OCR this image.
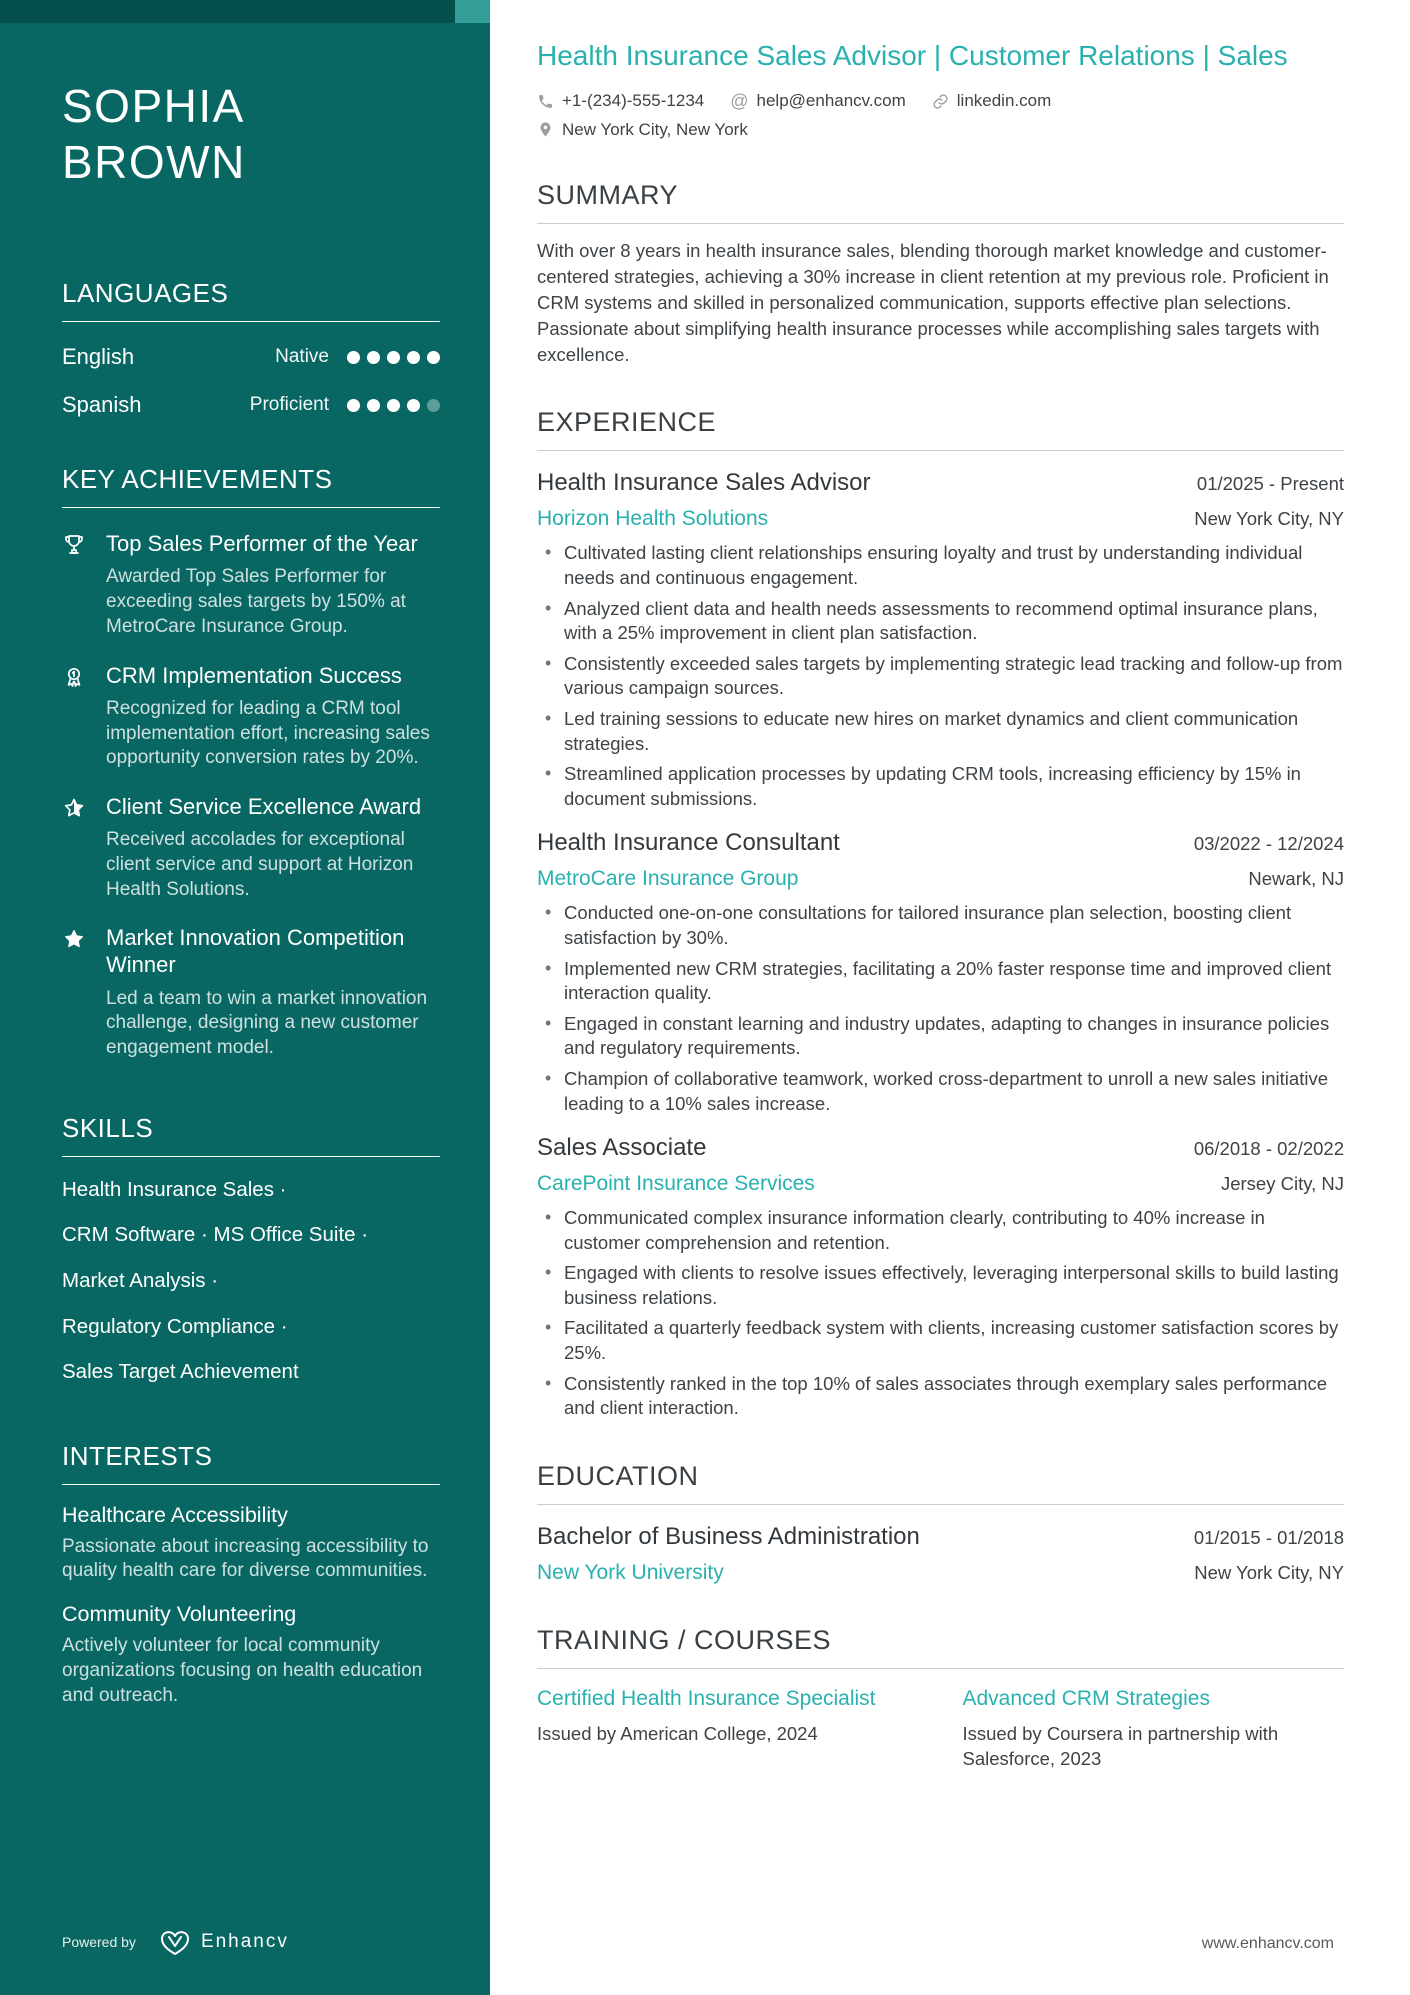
SOPHIA BROWN
LANGUAGES
English	Native
Spanish	Proficient
KEY ACHIEVEMENTS
Top Sales Performer of the Year
Awarded Top Sales Performer for exceeding sales targets by 150% at MetroCare Insurance Group.
CRM Implementation Success
Recognized for leading a CRM tool implementation effort, increasing sales opportunity conversion rates by 20%.
Client Service Excellence Award
Received accolades for exceptional client service and support at Horizon Health Solutions.
Market Innovation Competition Winner
Led a team to win a market innovation challenge, designing a new customer engagement model.
SKILLS
Health Insurance Sales ·
CRM Software · MS Office Suite ·
Market Analysis ·
Regulatory Compliance ·
Sales Target Achievement
INTERESTS
Healthcare Accessibility
Passionate about increasing accessibility to quality health care for diverse communities.
Community Volunteering
Actively volunteer for local community organizations focusing on health education and outreach.
Powered by	Enhancv
Health Insurance Sales Advisor | Customer Relations | Sales
+1-(234)-555-1234 @ help@enhancv.com	linkedin.com
New York City, New York
SUMMARY

With over 8 years in health insurance sales, blending thorough market knowledge and customer-centered strategies, achieving a 30% increase in client retention at my previous role. Proficient in CRM systems and skilled in personalized communication, supports effective plan selections. Passionate about simplifying health insurance processes while accomplishing sales targets with excellence.

EXPERIENCE
Health Insurance Sales Advisor	01/2025 - Present
Horizon Health Solutions	New York City, NY
• Cultivated lasting client relationships ensuring loyalty and trust by understanding individual needs and continuous engagement.
• Analyzed client data and health needs assessments to recommend optimal insurance plans, with a 25% improvement in client plan satisfaction.
• Consistently exceeded sales targets by implementing strategic lead tracking and follow-up from various campaign sources.
• Led training sessions to educate new hires on market dynamics and client communication strategies.
• Streamlined application processes by updating CRM tools, increasing efficiency by 15% in document submissions.
Health Insurance Consultant	03/2022 - 12/2024
MetroCare Insurance Group	Newark, NJ
• Conducted one-on-one consultations for tailored insurance plan selection, boosting client satisfaction by 30%.
• Implemented new CRM strategies, facilitating a 20% faster response time and improved client interaction quality.
• Engaged in constant learning and industry updates, adapting to changes in insurance policies and regulatory requirements.
• Champion of collaborative teamwork, worked cross-department to unroll a new sales initiative leading to a 10% sales increase.
Sales Associate	06/2018 - 02/2022
CarePoint Insurance Services	Jersey City, NJ
• Communicated complex insurance information clearly, contributing to 40% increase in customer comprehension and retention.
• Engaged with clients to resolve issues effectively, leveraging interpersonal skills to build lasting business relations.
• Facilitated a quarterly feedback system with clients, increasing customer satisfaction scores by 25%.
• Consistently ranked in the top 10% of sales associates through exemplary sales performance and client interaction.
EDUCATION
Bachelor of Business Administration	01/2015 - 01/2018
New York University	New York City, NY
TRAINING / COURSES
Certified Health Insurance Specialist
Issued by American College, 2024
Advanced CRM Strategies
Issued by Coursera in partnership with Salesforce, 2023
www.enhancv.com
